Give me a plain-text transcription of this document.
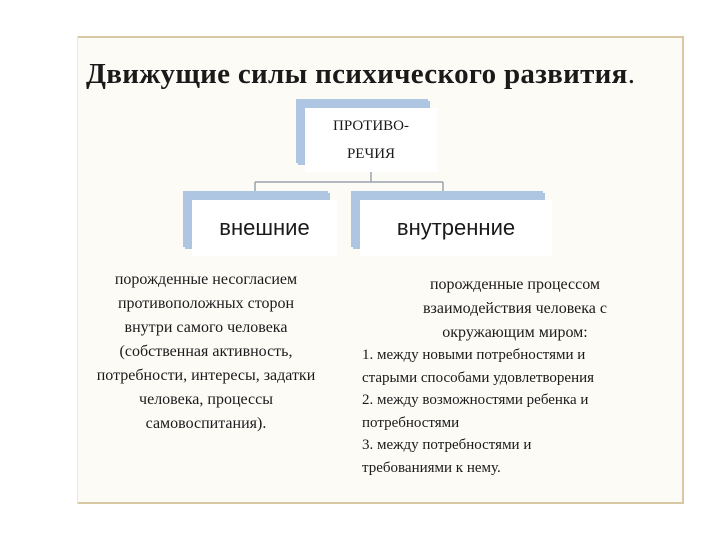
Движущие силы психического развития.
ПРОТИВО-
РЕЧИЯ
внешние	внутренние
порожденные несогласием
противоположных сторон
внутри самого человека
(собственная активность,
потребности, интересы, задатки
человека, процессы
самовоспитания).
порожденные процессом
взаимодействия человека с
окружающим миром:
1. между новыми потребностями и
старыми способами удовлетворения
2. между возможностями ребенка и
потребностями
3. между потребностями и
требованиями к нему.
